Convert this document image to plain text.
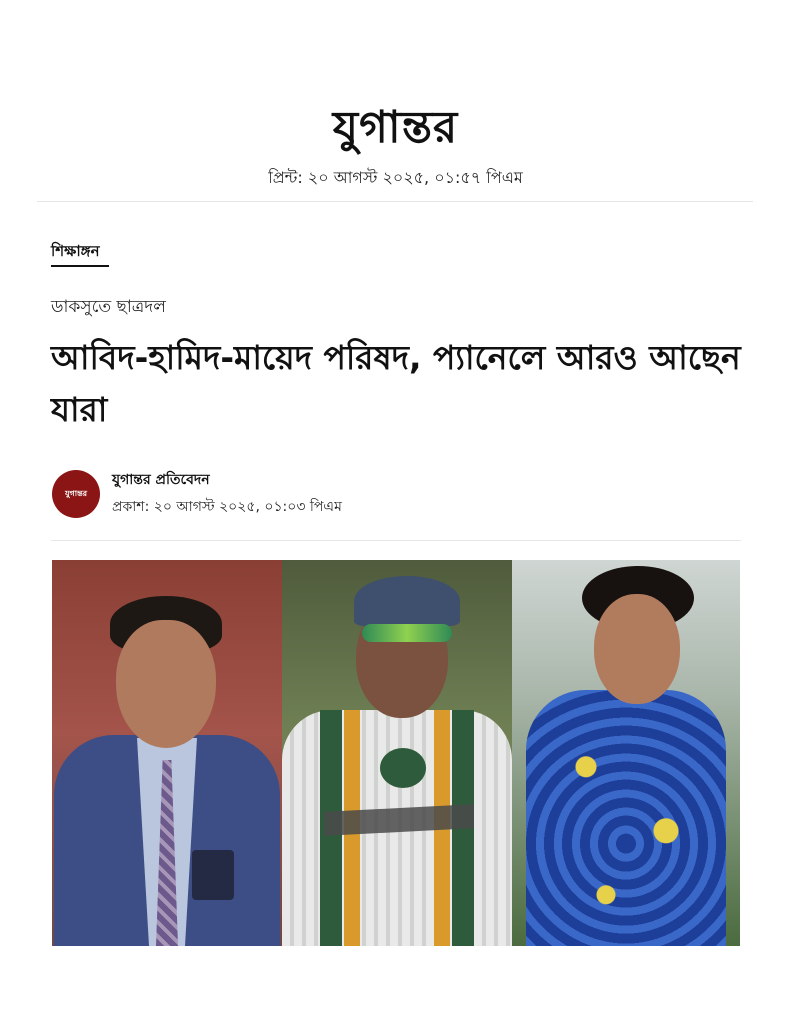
যুগান্তর
প্রিন্ট: ২০ আগস্ট ২০২৫, ০১:৫৭ পিএম
শিক্ষাঙ্গন
ডাকসুতে ছাত্রদল
আবিদ-হামিদ-মায়েদ পরিষদ, প্যানেলে আরও আছেন যারা
যুগান্তর
যুগান্তর প্রতিবেদন
প্রকাশ: ২০ আগস্ট ২০২৫, ০১:০৩ পিএম
